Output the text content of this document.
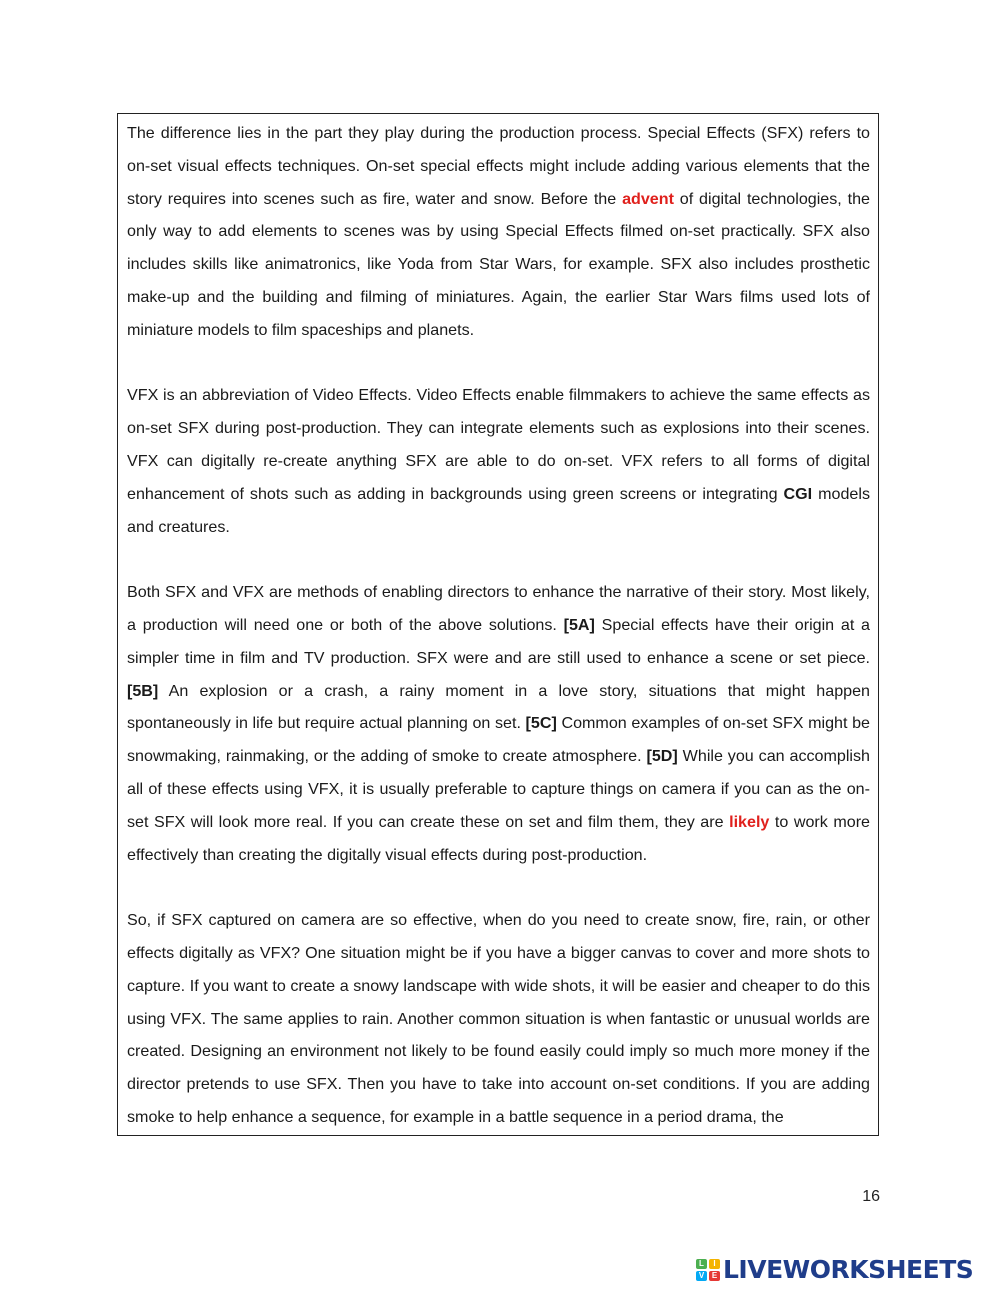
The difference lies in the part they play during the production process. Special Effects (SFX) refers to on-set visual effects techniques. On-set special effects might include adding various elements that the story requires into scenes such as fire, water and snow. Before the advent of digital technologies, the only way to add elements to scenes was by using Special Effects filmed on-set practically. SFX also includes skills like animatronics, like Yoda from Star Wars, for example. SFX also includes prosthetic make-up and the building and filming of miniatures. Again, the earlier Star Wars films used lots of miniature models to film spaceships and planets.

VFX is an abbreviation of Video Effects. Video Effects enable filmmakers to achieve the same effects as on-set SFX during post-production. They can integrate elements such as explosions into their scenes. VFX can digitally re-create anything SFX are able to do on-set. VFX refers to all forms of digital enhancement of shots such as adding in backgrounds using green screens or integrating CGI models and creatures.

Both SFX and VFX are methods of enabling directors to enhance the narrative of their story. Most likely, a production will need one or both of the above solutions. [5A] Special effects have their origin at a simpler time in film and TV production. SFX were and are still used to enhance a scene or set piece. [5B] An explosion or a crash, a rainy moment in a love story, situations that might happen spontaneously in life but require actual planning on set. [5C] Common examples of on-set SFX might be snowmaking, rainmaking, or the adding of smoke to create atmosphere. [5D] While you can accomplish all of these effects using VFX, it is usually preferable to capture things on camera if you can as the on-set SFX will look more real. If you can create these on set and film them, they are likely to work more effectively than creating the digitally visual effects during post-production.

So, if SFX captured on camera are so effective, when do you need to create snow, fire, rain, or other effects digitally as VFX? One situation might be if you have a bigger canvas to cover and more shots to capture. If you want to create a snowy landscape with wide shots, it will be easier and cheaper to do this using VFX. The same applies to rain. Another common situation is when fantastic or unusual worlds are created. Designing an environment not likely to be found easily could imply so much more money if the director pretends to use SFX. Then you have to take into account on-set conditions. If you are adding smoke to help enhance a sequence, for example in a battle sequence in a period drama, the

16
L	I
V E LIVEWORKSHEETS
